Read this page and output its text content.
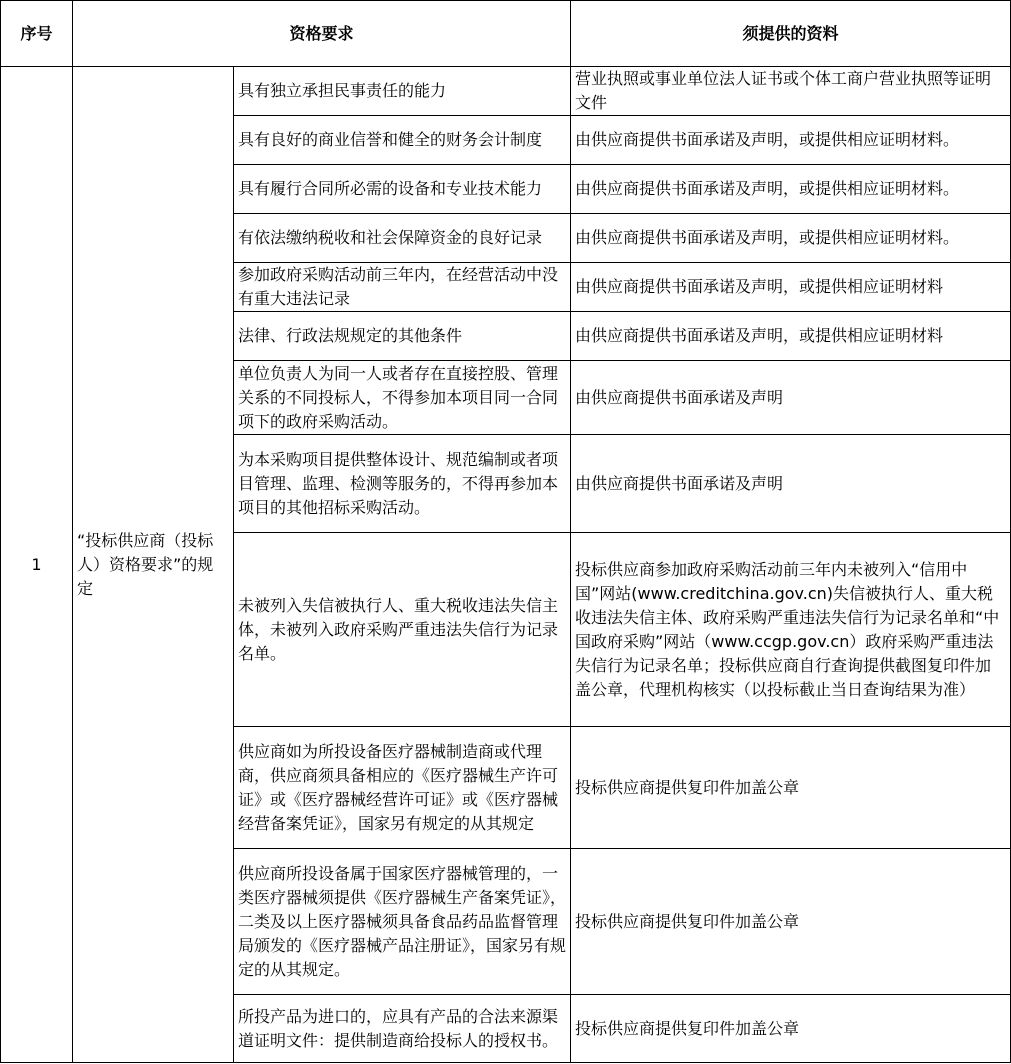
序号	资格要求		须提供的资料
1	“投标供应商（投标人）资格要求”的规定	具有独立承担民事责任的能力	营业执照或事业单位法人证书或个体工商户营业执照等证明文件
		具有良好的商业信誉和健全的财务会计制度	由供应商提供书面承诺及声明，或提供相应证明材料。
		具有履行合同所必需的设备和专业技术能力	由供应商提供书面承诺及声明，或提供相应证明材料。
		有依法缴纳税收和社会保障资金的良好记录	由供应商提供书面承诺及声明，或提供相应证明材料。
		参加政府采购活动前三年内，在经营活动中没有重大违法记录	由供应商提供书面承诺及声明，或提供相应证明材料
		法律、行政法规规定的其他条件	由供应商提供书面承诺及声明，或提供相应证明材料
		单位负责人为同一人或者存在直接控股、管理关系的不同投标人，不得参加本项目同一合同项下的政府采购活动。	由供应商提供书面承诺及声明
		为本采购项目提供整体设计、规范编制或者项目管理、监理、检测等服务的，不得再参加本项目的其他招标采购活动。	由供应商提供书面承诺及声明
		未被列入失信被执行人、重大税收违法失信主体，未被列入政府采购严重违法失信行为记录名单。	投标供应商参加政府采购活动前三年内未被列入“信用中国”网站(www.creditchina.gov.cn)失信被执行人、重大税收违法失信主体、政府采购严重违法失信行为记录名单和“中国政府采购”网站（www.ccgp.gov.cn）政府采购严重违法失信行为记录名单；投标供应商自行查询提供截图复印件加盖公章，代理机构核实（以投标截止当日查询结果为准）
		供应商如为所投设备医疗器械制造商或代理商，供应商须具备相应的《医疗器械生产许可证》或《医疗器械经营许可证》或《医疗器械经营备案凭证》，国家另有规定的从其规定	投标供应商提供复印件加盖公章
		供应商所投设备属于国家医疗器械管理的，一类医疗器械须提供《医疗器械生产备案凭证》，二类及以上医疗器械须具备食品药品监督管理局颁发的《医疗器械产品注册证》，国家另有规定的从其规定。	投标供应商提供复印件加盖公章
		所投产品为进口的，应具有产品的合法来源渠道证明文件：提供制造商给投标人的授权书。	投标供应商提供复印件加盖公章
